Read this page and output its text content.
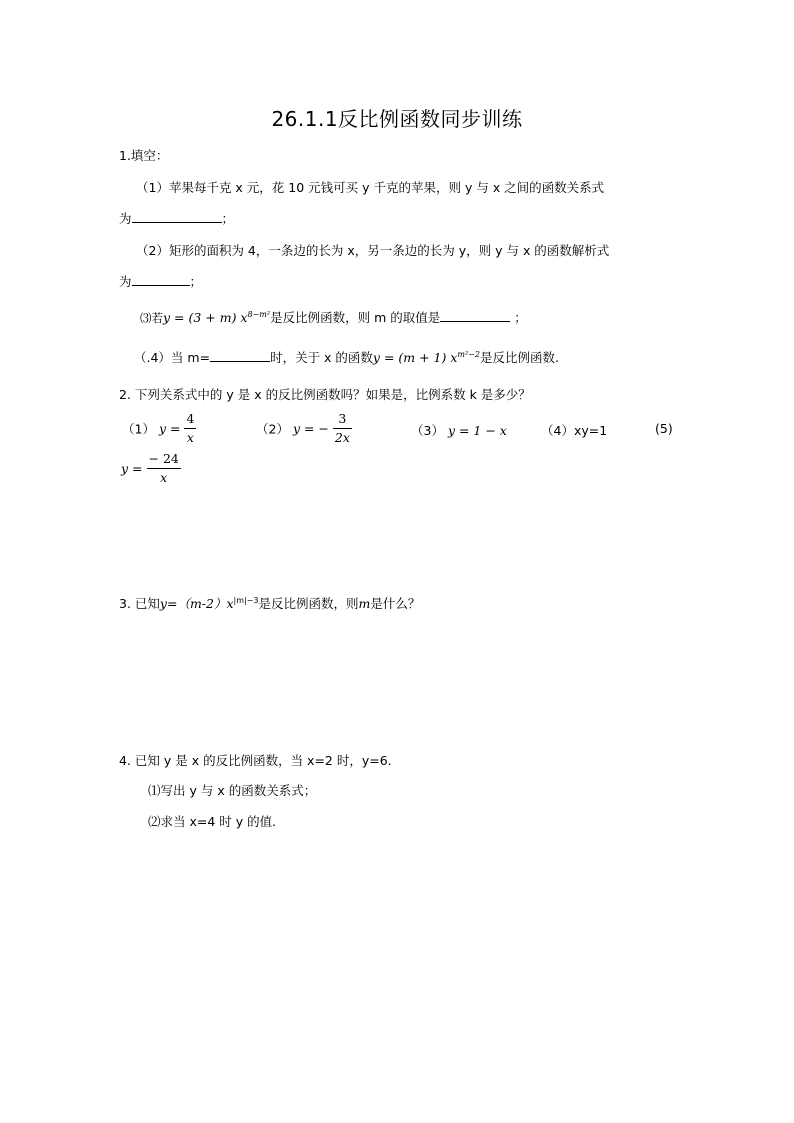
26.1.1反比例函数同步训练
1.填空：
（1）苹果每千克 x 元，花 10 元钱可买 y 千克的苹果，则 y 与 x 之间的函数关系式
为	；
（2）矩形的面积为 4，一条边的长为 x，另一条边的长为 y，则 y 与 x 的函数解析式
为	；
⑶若y = (3 + m) $x^{8-m^2}$是反比例函数，则 m 的取值是	；
（.4）当 m=	时，关于 x 的函数y = (m + 1) $x^{m^2-2}$是反比例函数.
2. 下列关系式中的 y 是 x 的反比例函数吗？如果是，比例系数 k 是多少？
（1） $y = \frac{4}{x}$	（2） y = − $\frac{3}{2x}$	（3） y = 1 − x	（4）xy=1	(5)
$y = \frac{- 24}{x}$
3. 已知$y=(m-2)x^{|m|-3}$是反比例函数，则m是什么？
4. 已知 y 是 x 的反比例函数，当 x=2 时，y=6.
⑴写出 y 与 x 的函数关系式；
⑵求当 x=4 时 y 的值.
